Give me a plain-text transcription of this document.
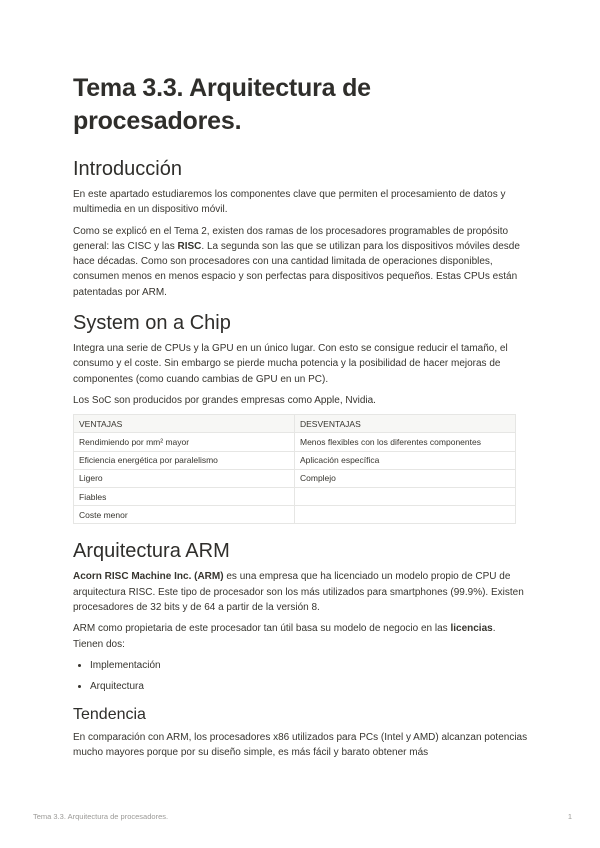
Tema 3.3. Arquitectura de procesadores.
Introducción

En este apartado estudiaremos los componentes clave que permiten el procesamiento de datos y multimedia en un dispositivo móvil.

Como se explicó en el Tema 2, existen dos ramas de los procesadores programables de propósito general: las CISC y las RISC. La segunda son las que se utilizan para los dispositivos móviles desde hace décadas. Como son procesadores con una cantidad limitada de operaciones disponibles, consumen menos en menos espacio y son perfectas para dispositivos pequeños. Estas CPUs están patentadas por ARM.

System on a Chip

Integra una serie de CPUs y la GPU en un único lugar. Con esto se consigue reducir el tamaño, el consumo y el coste. Sin embargo se pierde mucha potencia y la posibilidad de hacer mejoras de componentes (como cuando cambias de GPU en un PC).

Los SoC son producidos por grandes empresas como Apple, Nvidia.

VENTAJAS	DESVENTAJAS
Rendimiendo por mm² mayor	Menos flexibles con los diferentes componentes
Eficiencia energética por paralelismo	Aplicación específica
Ligero	Complejo
Fiables	
Coste menor	
Arquitectura ARM

Acorn RISC Machine Inc. (ARM) es una empresa que ha licenciado un modelo propio de CPU de arquitectura RISC. Este tipo de procesador son los más utilizados para smartphones (99.9%). Existen procesadores de 32 bits y de 64 a partir de la versión 8.

ARM como propietaria de este procesador tan útil basa su modelo de negocio en las licencias. Tienen dos:

• Implementación
• Arquitectura
Tendencia

En comparación con ARM, los procesadores x86 utilizados para PCs (Intel y AMD) alcanzan potencias mucho mayores porque por su diseño simple, es más fácil y barato obtener más

Tema 3.3. Arquitectura de procesadores.	1
